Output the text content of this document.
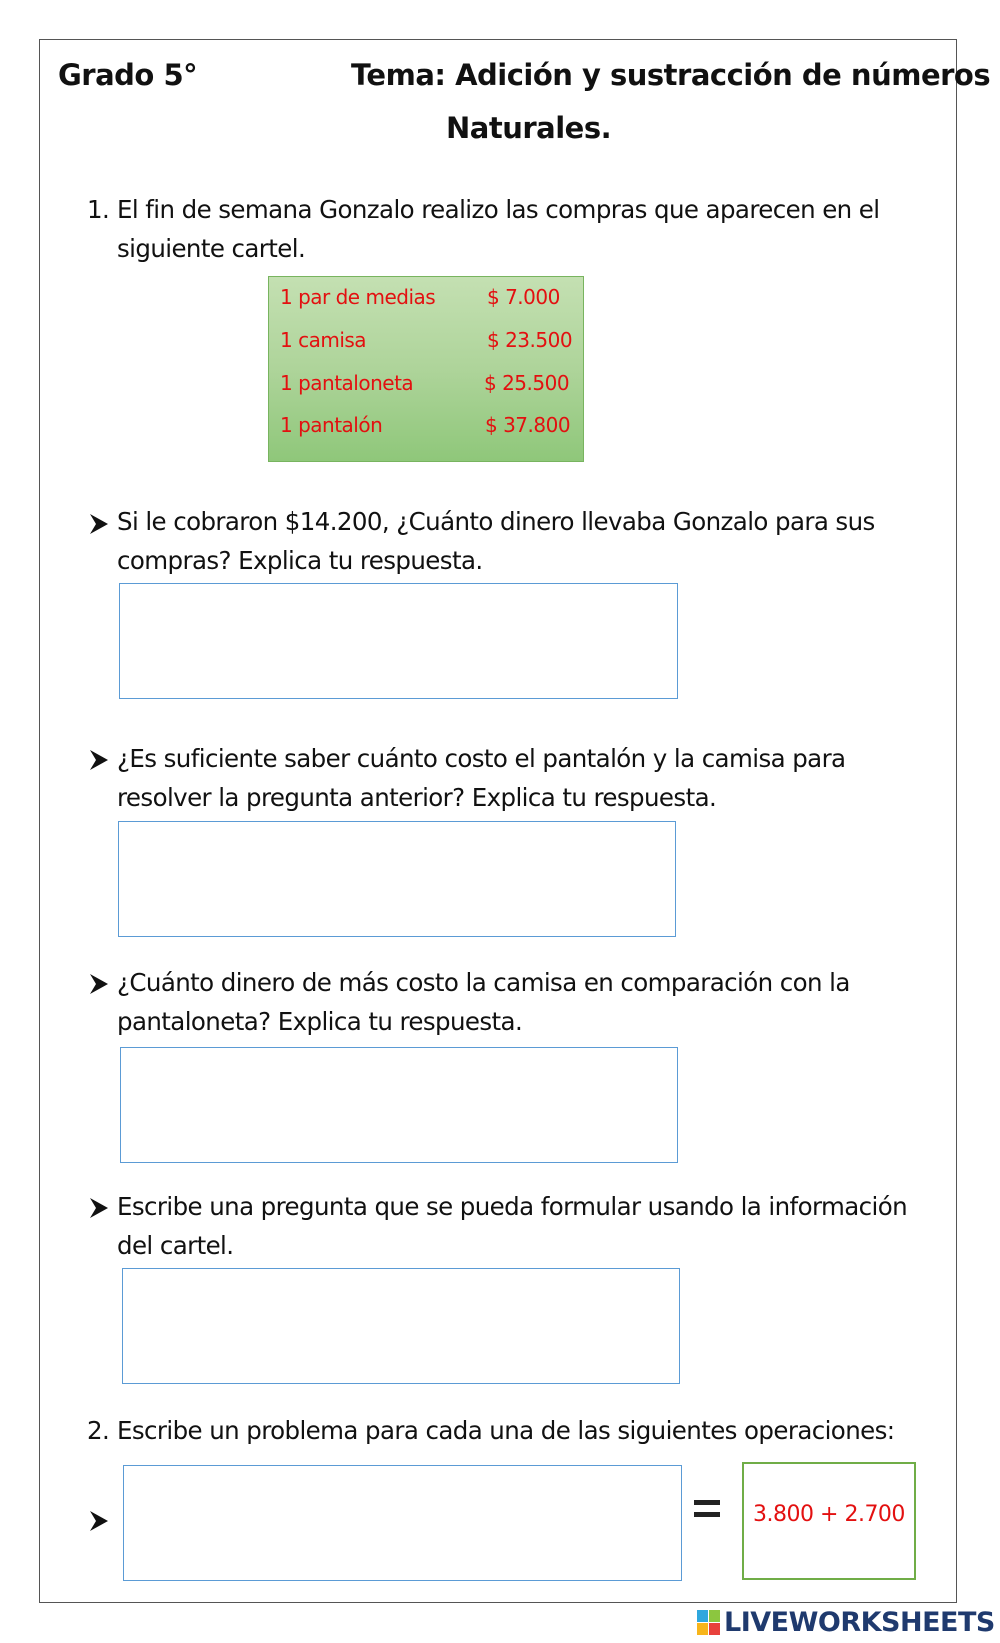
Grado 5°	Tema: Adición y sustracción de números
Naturales.
1. El fin de semana Gonzalo realizo las compras que aparecen en el
siguiente cartel.
1 par de medias	$ 7.000
1 camisa	$ 23.500
1 pantaloneta	$ 25.500
1 pantalón	$ 37.800
Si le cobraron $14.200, ¿Cuánto dinero llevaba Gonzalo para sus
compras? Explica tu respuesta.
¿Es suficiente saber cuánto costo el pantalón y la camisa para
resolver la pregunta anterior? Explica tu respuesta.
¿Cuánto dinero de más costo la camisa en comparación con la
pantaloneta? Explica tu respuesta.
Escribe una pregunta que se pueda formular usando la información
del cartel.
2. Escribe un problema para cada una de las siguientes operaciones:
3.800 + 2.700
LIVEWORKSHEETS
